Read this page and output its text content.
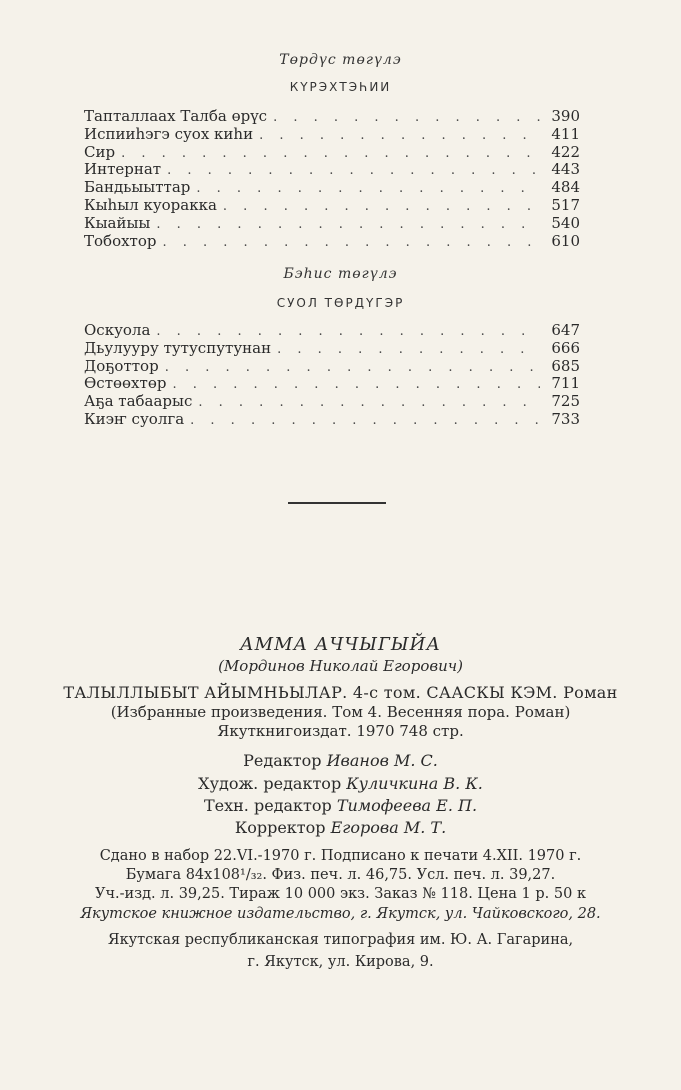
Төрдүс төгүлэ
КҮРЭХТЭҺИИ
Тапталлаах Талба өрүс . . .	390
Испииһэгэ суох киһи . . .	411
Сир . . .	422
Интернат . . .	443
Бандьыыттар . . .	484
Кыһыл куоракка . . .	517
Кыайыы . . .	540
Тобохтор . . .	610
Бэһис төгүлэ
СУОЛ ТӨРДҮГЭР
Оскуола . . .	647
Дьулууру тутуспутунан . . .	666
Доҕоттор . . .	685
Өстөөхтөр . . .	711
Аҕа табаарыс . . .	725
Киэҥ суолга . . .	733
АММА АЧЧЫГЫЙА
(Мординов Николай Егорович)
ТАЛЫЛЛЫБЫТ АЙЫМНЬЫЛАР. 4-с том. СААСКЫ КЭМ. Роман
(Избранные произведения. Том 4. Весенняя пора. Роман)
Якуткнигоиздат. 1970 748 стр.
Редактор Иванов М. С.
Худож. редактор Куличкина В. К.
Техн. редактор Тимофеева Е. П.
Корректор Егорова М. Т.
Сдано в набор 22.VI.-1970 г. Подписано к печати 4.XII. 1970 г.
Бумага 84x108¹/₃₂. Физ. печ. л. 46,75. Усл. печ. л. 39,27.
Уч.-изд. л. 39,25. Тираж 10 000 экз. Заказ № 118. Цена 1 р. 50 к
Якутское книжное издательство, г. Якутск, ул. Чайковского, 28.
Якутская республиканская типография им. Ю. А. Гагарина,
г. Якутск, ул. Кирова, 9.
